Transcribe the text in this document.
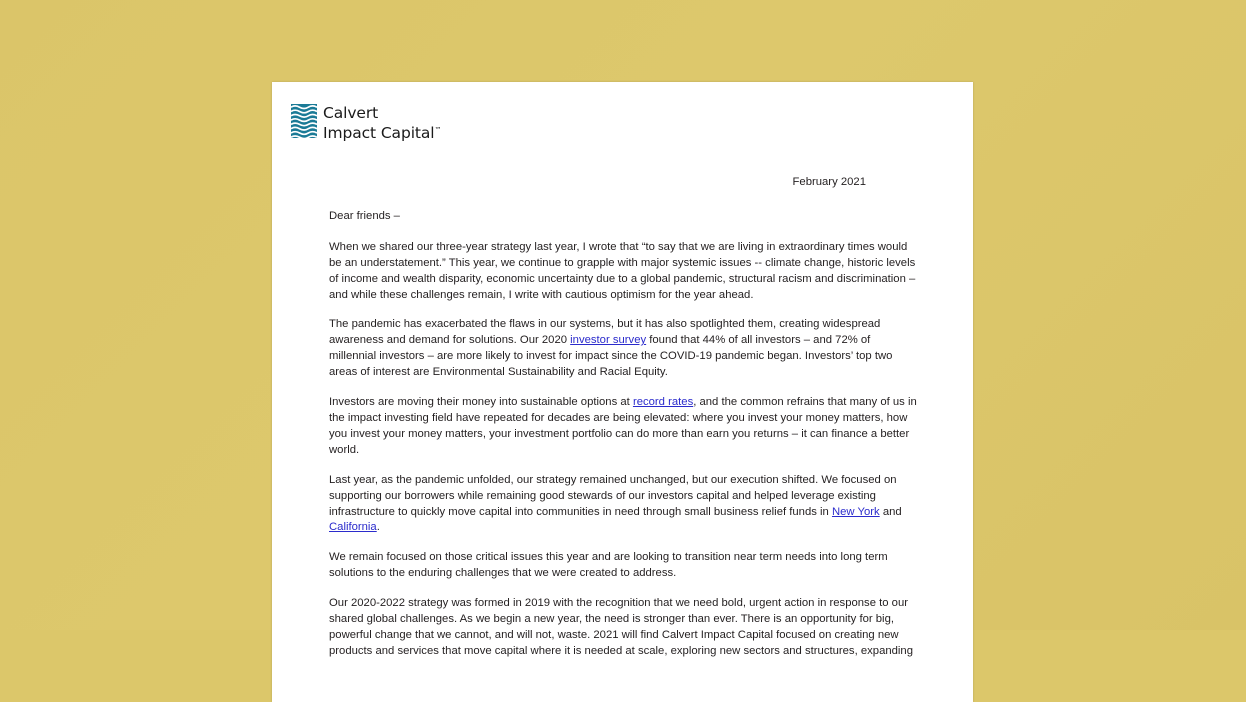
Calvert
Impact Capital™
February 2021
Dear friends –

When we shared our three-year strategy last year, I wrote that “to say that we are living in extraordinary times would be an understatement.” This year, we continue to grapple with major systemic issues -- climate change, historic levels of income and wealth disparity, economic uncertainty due to a global pandemic, structural racism and discrimination – and while these challenges remain, I write with cautious optimism for the year ahead.

The pandemic has exacerbated the flaws in our systems, but it has also spotlighted them, creating widespread awareness and demand for solutions. Our 2020 investor survey found that 44% of all investors – and 72% of millennial investors – are more likely to invest for impact since the COVID-19 pandemic began. Investors’ top two areas of interest are Environmental Sustainability and Racial Equity.

Investors are moving their money into sustainable options at record rates, and the common refrains that many of us in the impact investing field have repeated for decades are being elevated: where you invest your money matters, how you invest your money matters, your investment portfolio can do more than earn you returns – it can finance a better world.

Last year, as the pandemic unfolded, our strategy remained unchanged, but our execution shifted. We focused on supporting our borrowers while remaining good stewards of our investors capital and helped leverage existing infrastructure to quickly move capital into communities in need through small business relief funds in New York and California.

We remain focused on those critical issues this year and are looking to transition near term needs into long term solutions to the enduring challenges that we were created to address.

Our 2020-2022 strategy was formed in 2019 with the recognition that we need bold, urgent action in response to our shared global challenges. As we begin a new year, the need is stronger than ever. There is an opportunity for big, powerful change that we cannot, and will not, waste. 2021 will find Calvert Impact Capital focused on creating new products and services that move capital where it is needed at scale, exploring new sectors and structures, expanding
